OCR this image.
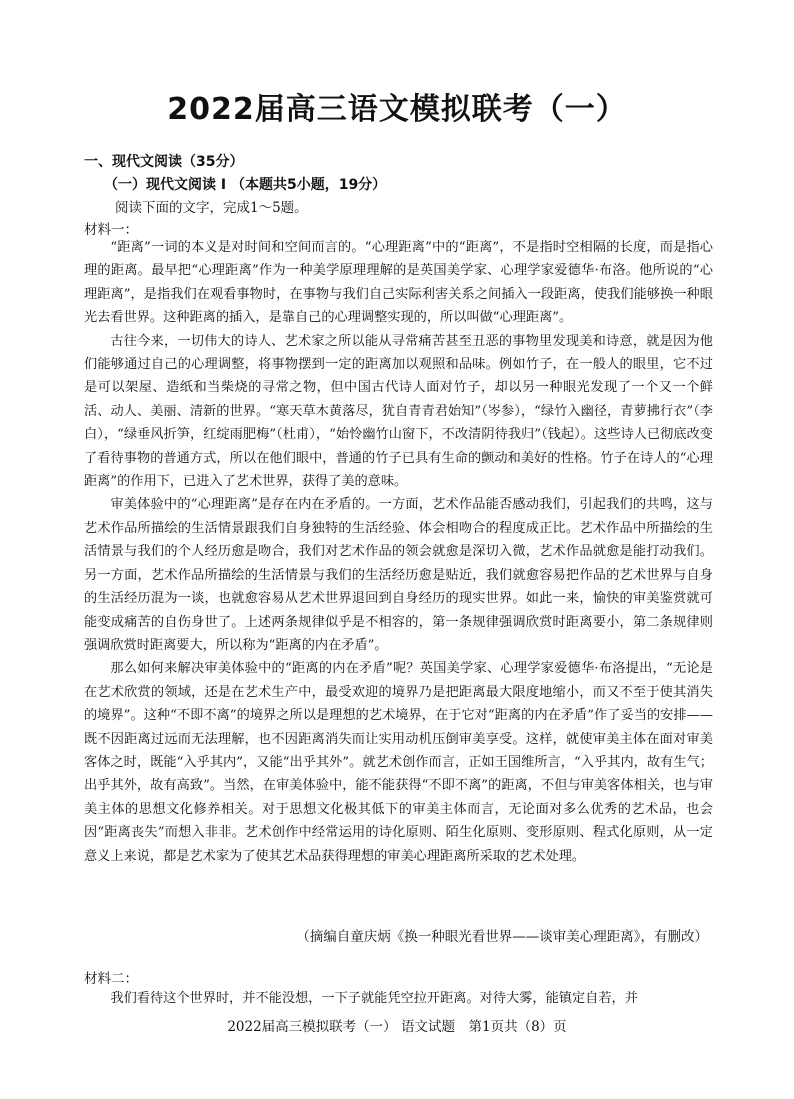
2022届高三语文模拟联考（一）
一、现代文阅读（35分）
（一）现代文阅读 I （本题共5小题，19分）
阅读下面的文字，完成1～5题。
材料一：

“距离”一词的本义是对时间和空间而言的。“心理距离”中的“距离”，不是指时空相隔的长度，而是指心理的距离。最早把“心理距离”作为一种美学原理理解的是英国美学家、心理学家爱德华·布洛。他所说的“心理距离”，是指我们在观看事物时，在事物与我们自己实际利害关系之间插入一段距离，使我们能够换一种眼光去看世界。这种距离的插入，是靠自己的心理调整实现的，所以叫做“心理距离”。

古往今来，一切伟大的诗人、艺术家之所以能从寻常痛苦甚至丑恶的事物里发现美和诗意，就是因为他们能够通过自己的心理调整，将事物摆到一定的距离加以观照和品味。例如竹子，在一般人的眼里，它不过是可以架屋、造纸和当柴烧的寻常之物，但中国古代诗人面对竹子，却以另一种眼光发现了一个又一个鲜活、动人、美丽、清新的世界。“寒天草木黄落尽，犹自青青君始知”（岑参），“绿竹入幽径，青萝拂行衣”（李白），“绿垂风折笋，红绽雨肥梅”（杜甫），“始怜幽竹山窗下，不改清阴待我归”（钱起）。这些诗人已彻底改变了看待事物的普通方式，所以在他们眼中，普通的竹子已具有生命的颤动和美好的性格。竹子在诗人的“心理距离”的作用下，已进入了艺术世界，获得了美的意味。

审美体验中的“心理距离”是存在内在矛盾的。一方面，艺术作品能否感动我们，引起我们的共鸣，这与艺术作品所描绘的生活情景跟我们自身独特的生活经验、体会相吻合的程度成正比。艺术作品中所描绘的生活情景与我们的个人经历愈是吻合，我们对艺术作品的领会就愈是深切入微，艺术作品就愈是能打动我们。另一方面，艺术作品所描绘的生活情景与我们的生活经历愈是贴近，我们就愈容易把作品的艺术世界与自身的生活经历混为一谈，也就愈容易从艺术世界退回到自身经历的现实世界。如此一来，愉快的审美鉴赏就可能变成痛苦的自伤身世了。上述两条规律似乎是不相容的，第一条规律强调欣赏时距离要小，第二条规律则强调欣赏时距离要大，所以称为“距离的内在矛盾”。

那么如何来解决审美体验中的“距离的内在矛盾”呢？英国美学家、心理学家爱德华·布洛提出，“无论是在艺术欣赏的领域，还是在艺术生产中，最受欢迎的境界乃是把距离最大限度地缩小，而又不至于使其消失的境界”。这种“不即不离”的境界之所以是理想的艺术境界，在于它对“距离的内在矛盾”作了妥当的安排——既不因距离过远而无法理解，也不因距离消失而让实用动机压倒审美享受。这样，就使审美主体在面对审美客体之时，既能“入乎其内”，又能“出乎其外”。就艺术创作而言，正如王国维所言，“入乎其内，故有生气；出乎其外，故有高致”。当然，在审美体验中，能不能获得“不即不离”的距离，不但与审美客体相关，也与审美主体的思想文化修养相关。对于思想文化极其低下的审美主体而言，无论面对多么优秀的艺术品，也会因“距离丧失”而想入非非。艺术创作中经常运用的诗化原则、陌生化原则、变形原则、程式化原则，从一定意义上来说，都是艺术家为了使其艺术品获得理想的审美心理距离所采取的艺术处理。

（摘编自童庆炳《换一种眼光看世界——谈审美心理距离》，有删改）
材料二：

我们看待这个世界时，并不能没想，一下子就能凭空拉开距离。对待大雾，能镇定自若，并

2022届高三模拟联考（一） 语文试题　第1页共（8）页
